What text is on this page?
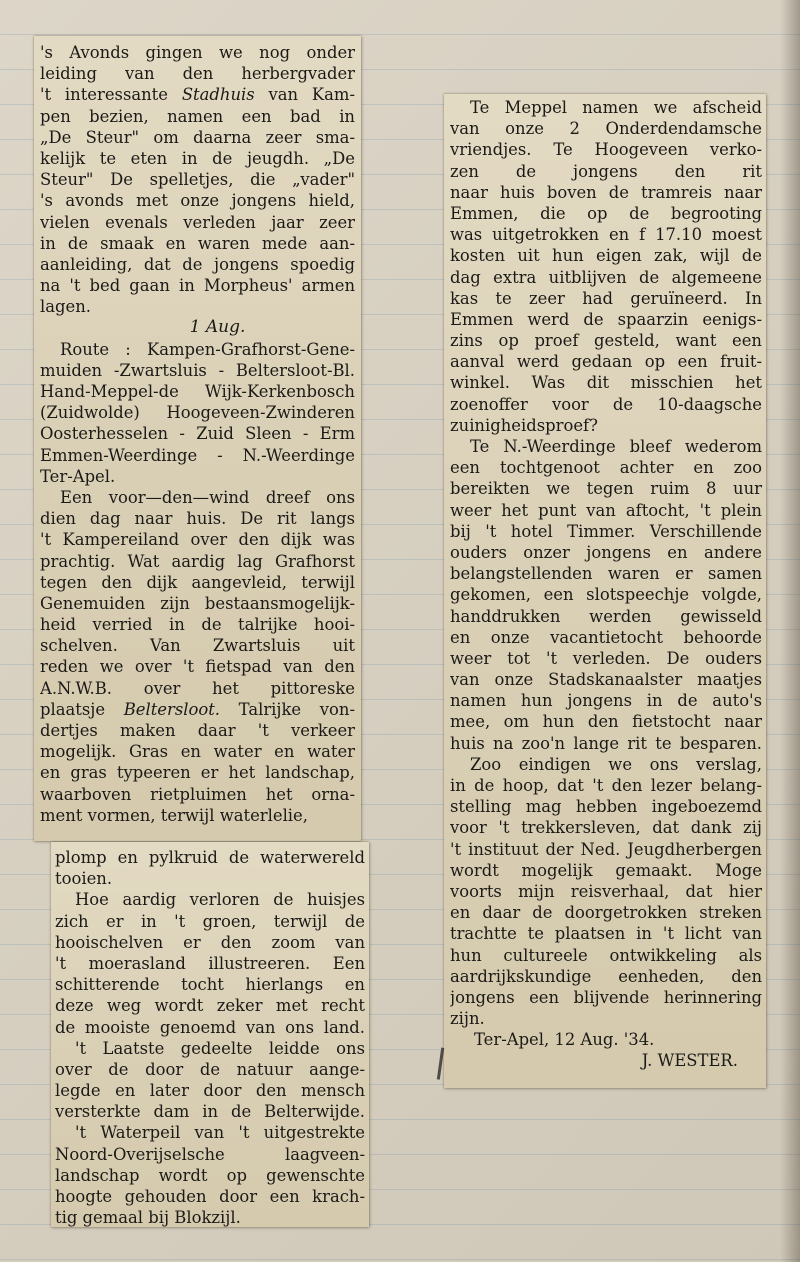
's Avonds gingen we nog onder
leiding van den herbergvader
't interessante Stadhuis van Kam-
pen bezien, namen een bad in
„De Steur" om daarna zeer sma-
kelijk te eten in de jeugdh. „De
Steur" De spelletjes, die „vader"
's avonds met onze jongens hield,
vielen evenals verleden jaar zeer
in de smaak en waren mede aan-
aanleiding, dat de jongens spoedig
na 't bed gaan in Morpheus' armen
lagen.
1 Aug.
Route : Kampen-Grafhorst-Gene-
muiden -Zwartsluis - Beltersloot-Bl.
Hand-Meppel-de Wijk-Kerkenbosch
(Zuidwolde) Hoogeveen-Zwinderen
Oosterhesselen - Zuid Sleen - Erm
Emmen-Weerdinge - N.-Weerdinge
Ter-Apel.
Een voor—den—wind dreef ons
dien dag naar huis. De rit langs
't Kampereiland over den dijk was
prachtig. Wat aardig lag Grafhorst
tegen den dijk aangevleid, terwijl
Genemuiden zijn bestaansmogelijk-
heid verried in de talrijke hooi-
schelven. Van Zwartsluis uit
reden we over 't fietspad van den
A.N.W.B. over het pittoreske
plaatsje Beltersloot. Talrijke von-
dertjes maken daar 't verkeer
mogelijk. Gras en water en water
en gras typeeren er het landschap,
waarboven rietpluimen het orna-
ment vormen, terwijl waterlelie,
plomp en pylkruid de waterwereld
tooien.
Hoe aardig verloren de huisjes
zich er in 't groen, terwijl de
hooischelven er den zoom van
't moerasland illustreeren. Een
schitterende tocht hierlangs en
deze weg wordt zeker met recht
de mooiste genoemd van ons land.
't Laatste gedeelte leidde ons
over de door de natuur aange-
legde en later door den mensch
versterkte dam in de Belterwijde.
't Waterpeil van 't uitgestrekte
Noord-Overijselsche laagveen-
landschap wordt op gewenschte
hoogte gehouden door een krach-
tig gemaal bij Blokzijl.
Te Meppel namen we afscheid
van onze 2 Onderdendamsche
vriendjes. Te Hoogeveen verko-
zen de jongens den rit
naar huis boven de tramreis naar
Emmen, die op de begrooting
was uitgetrokken en f 17.10 moest
kosten uit hun eigen zak, wijl de
dag extra uitblijven de algemeene
kas te zeer had geruïneerd. In
Emmen werd de spaarzin eenigs-
zins op proef gesteld, want een
aanval werd gedaan op een fruit-
winkel. Was dit misschien het
zoenoffer voor de 10-daagsche
zuinigheidsproef?
Te N.-Weerdinge bleef wederom
een tochtgenoot achter en zoo
bereikten we tegen ruim 8 uur
weer het punt van aftocht, 't plein
bij 't hotel Timmer. Verschillende
ouders onzer jongens en andere
belangstellenden waren er samen
gekomen, een slotspeechje volgde,
handdrukken werden gewisseld
en onze vacantietocht behoorde
weer tot 't verleden. De ouders
van onze Stadskanaalster maatjes
namen hun jongens in de auto's
mee, om hun den fietstocht naar
huis na zoo'n lange rit te besparen.
Zoo eindigen we ons verslag,
in de hoop, dat 't den lezer belang-
stelling mag hebben ingeboezemd
voor 't trekkersleven, dat dank zij
't instituut der Ned. Jeugdherbergen
wordt mogelijk gemaakt. Moge
voorts mijn reisverhaal, dat hier
en daar de doorgetrokken streken
trachtte te plaatsen in 't licht van
hun cultureele ontwikkeling als
aardrijkskundige eenheden, den
jongens een blijvende herinnering
zijn.
Ter-Apel, 12 Aug. '34.
J. WESTER.
